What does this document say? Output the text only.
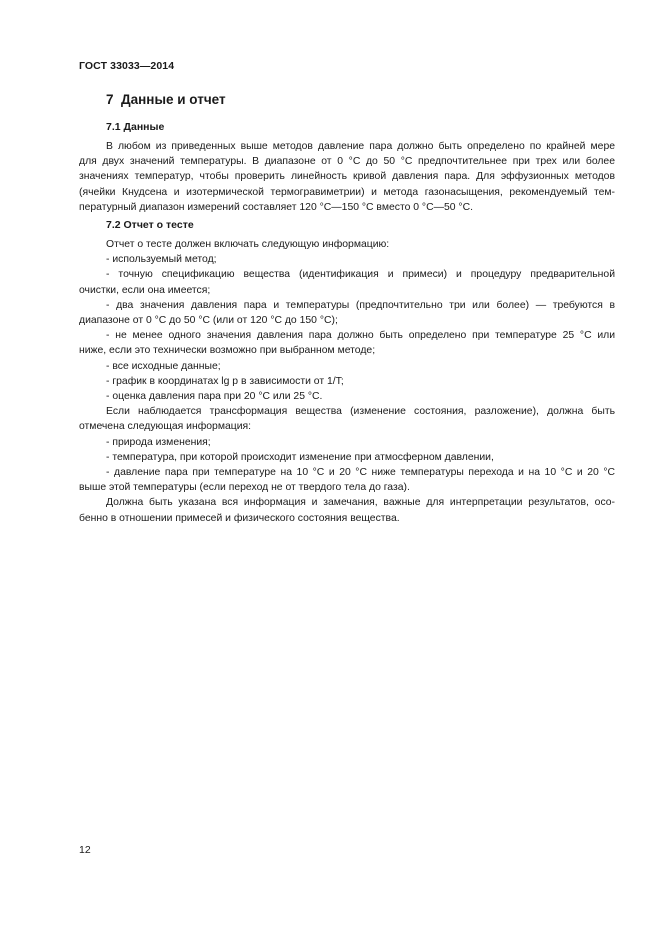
ГОСТ 33033—2014
7 Данные и отчет
7.1 Данные

В любом из приведенных выше методов давление пара должно быть определено по крайней мере

для двух значений температуры. В диапазоне от 0 °С до 50 °С предпочтительнее при трех или более

значениях температур, чтобы проверить линейность кривой давления пара. Для эффузионных методов

(ячейки Кнудсена и изотермической термогравиметрии) и метода газонасыщения, рекомендуемый тем-

пературный диапазон измерений составляет 120 °С—150 °С вместо 0 °С—50 °С.

7.2 Отчет о тесте

Отчет о тесте должен включать следующую информацию:

- используемый метод;

- точную спецификацию вещества (идентификация и примеси) и процедуру предварительной

очистки, если она имеется;

- два значения давления пара и температуры (предпочтительно три или более) — требуются в

диапазоне от 0 °С до 50 °С (или от 120 °С до 150 °С);

- не менее одного значения давления пара должно быть определено при температуре 25 °С или

ниже, если это технически возможно при выбранном методе;

- все исходные данные;

- график в координатах lg p в зависимости от 1/T;

- оценка давления пара при 20 °С или 25 °С.

Если наблюдается трансформация вещества (изменение состояния, разложение), должна быть

отмечена следующая информация:

- природа изменения;

- температура, при которой происходит изменение при атмосферном давлении,

- давление пара при температуре на 10 °С и 20 °С ниже температуры перехода и на 10 °С и 20 °С

выше этой температуры (если переход не от твердого тела до газа).

Должна быть указана вся информация и замечания, важные для интерпретации результатов, осо-

бенно в отношении примесей и физического состояния вещества.

12
